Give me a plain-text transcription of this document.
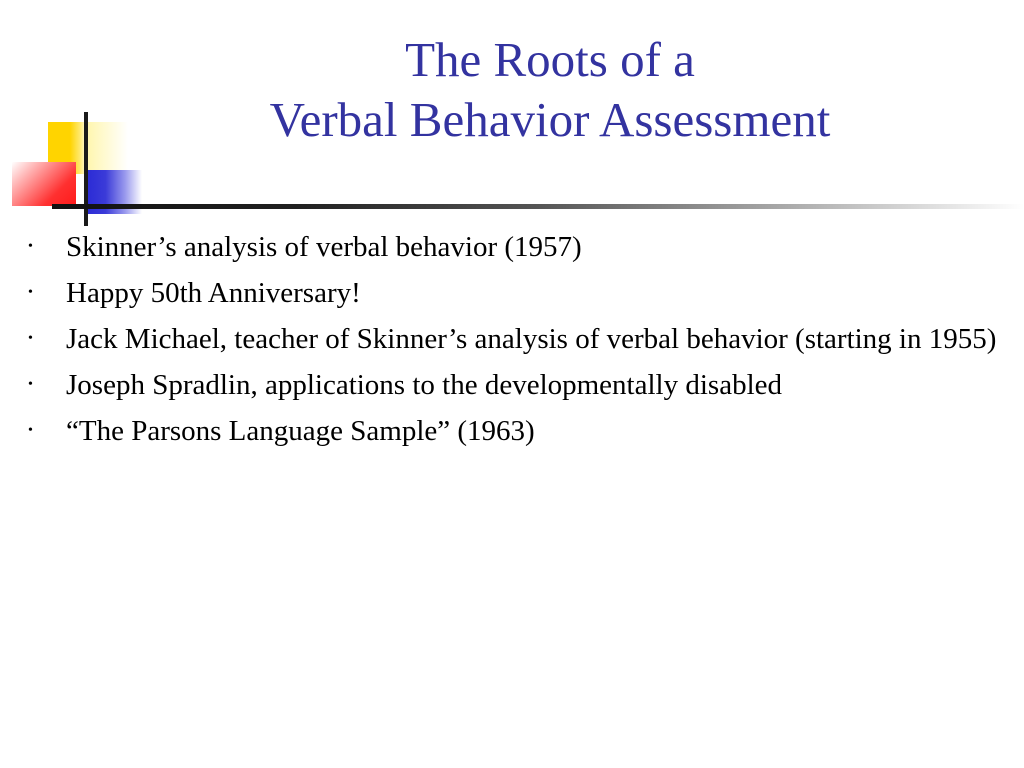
The Roots of a
Verbal Behavior Assessment
• Skinner’s analysis of verbal behavior (1957)
• Happy 50th Anniversary!
• Jack Michael, teacher of Skinner’s analysis of verbal behavior (starting in 1955)
• Joseph Spradlin, applications to the developmentally disabled
• “The Parsons Language Sample” (1963)
